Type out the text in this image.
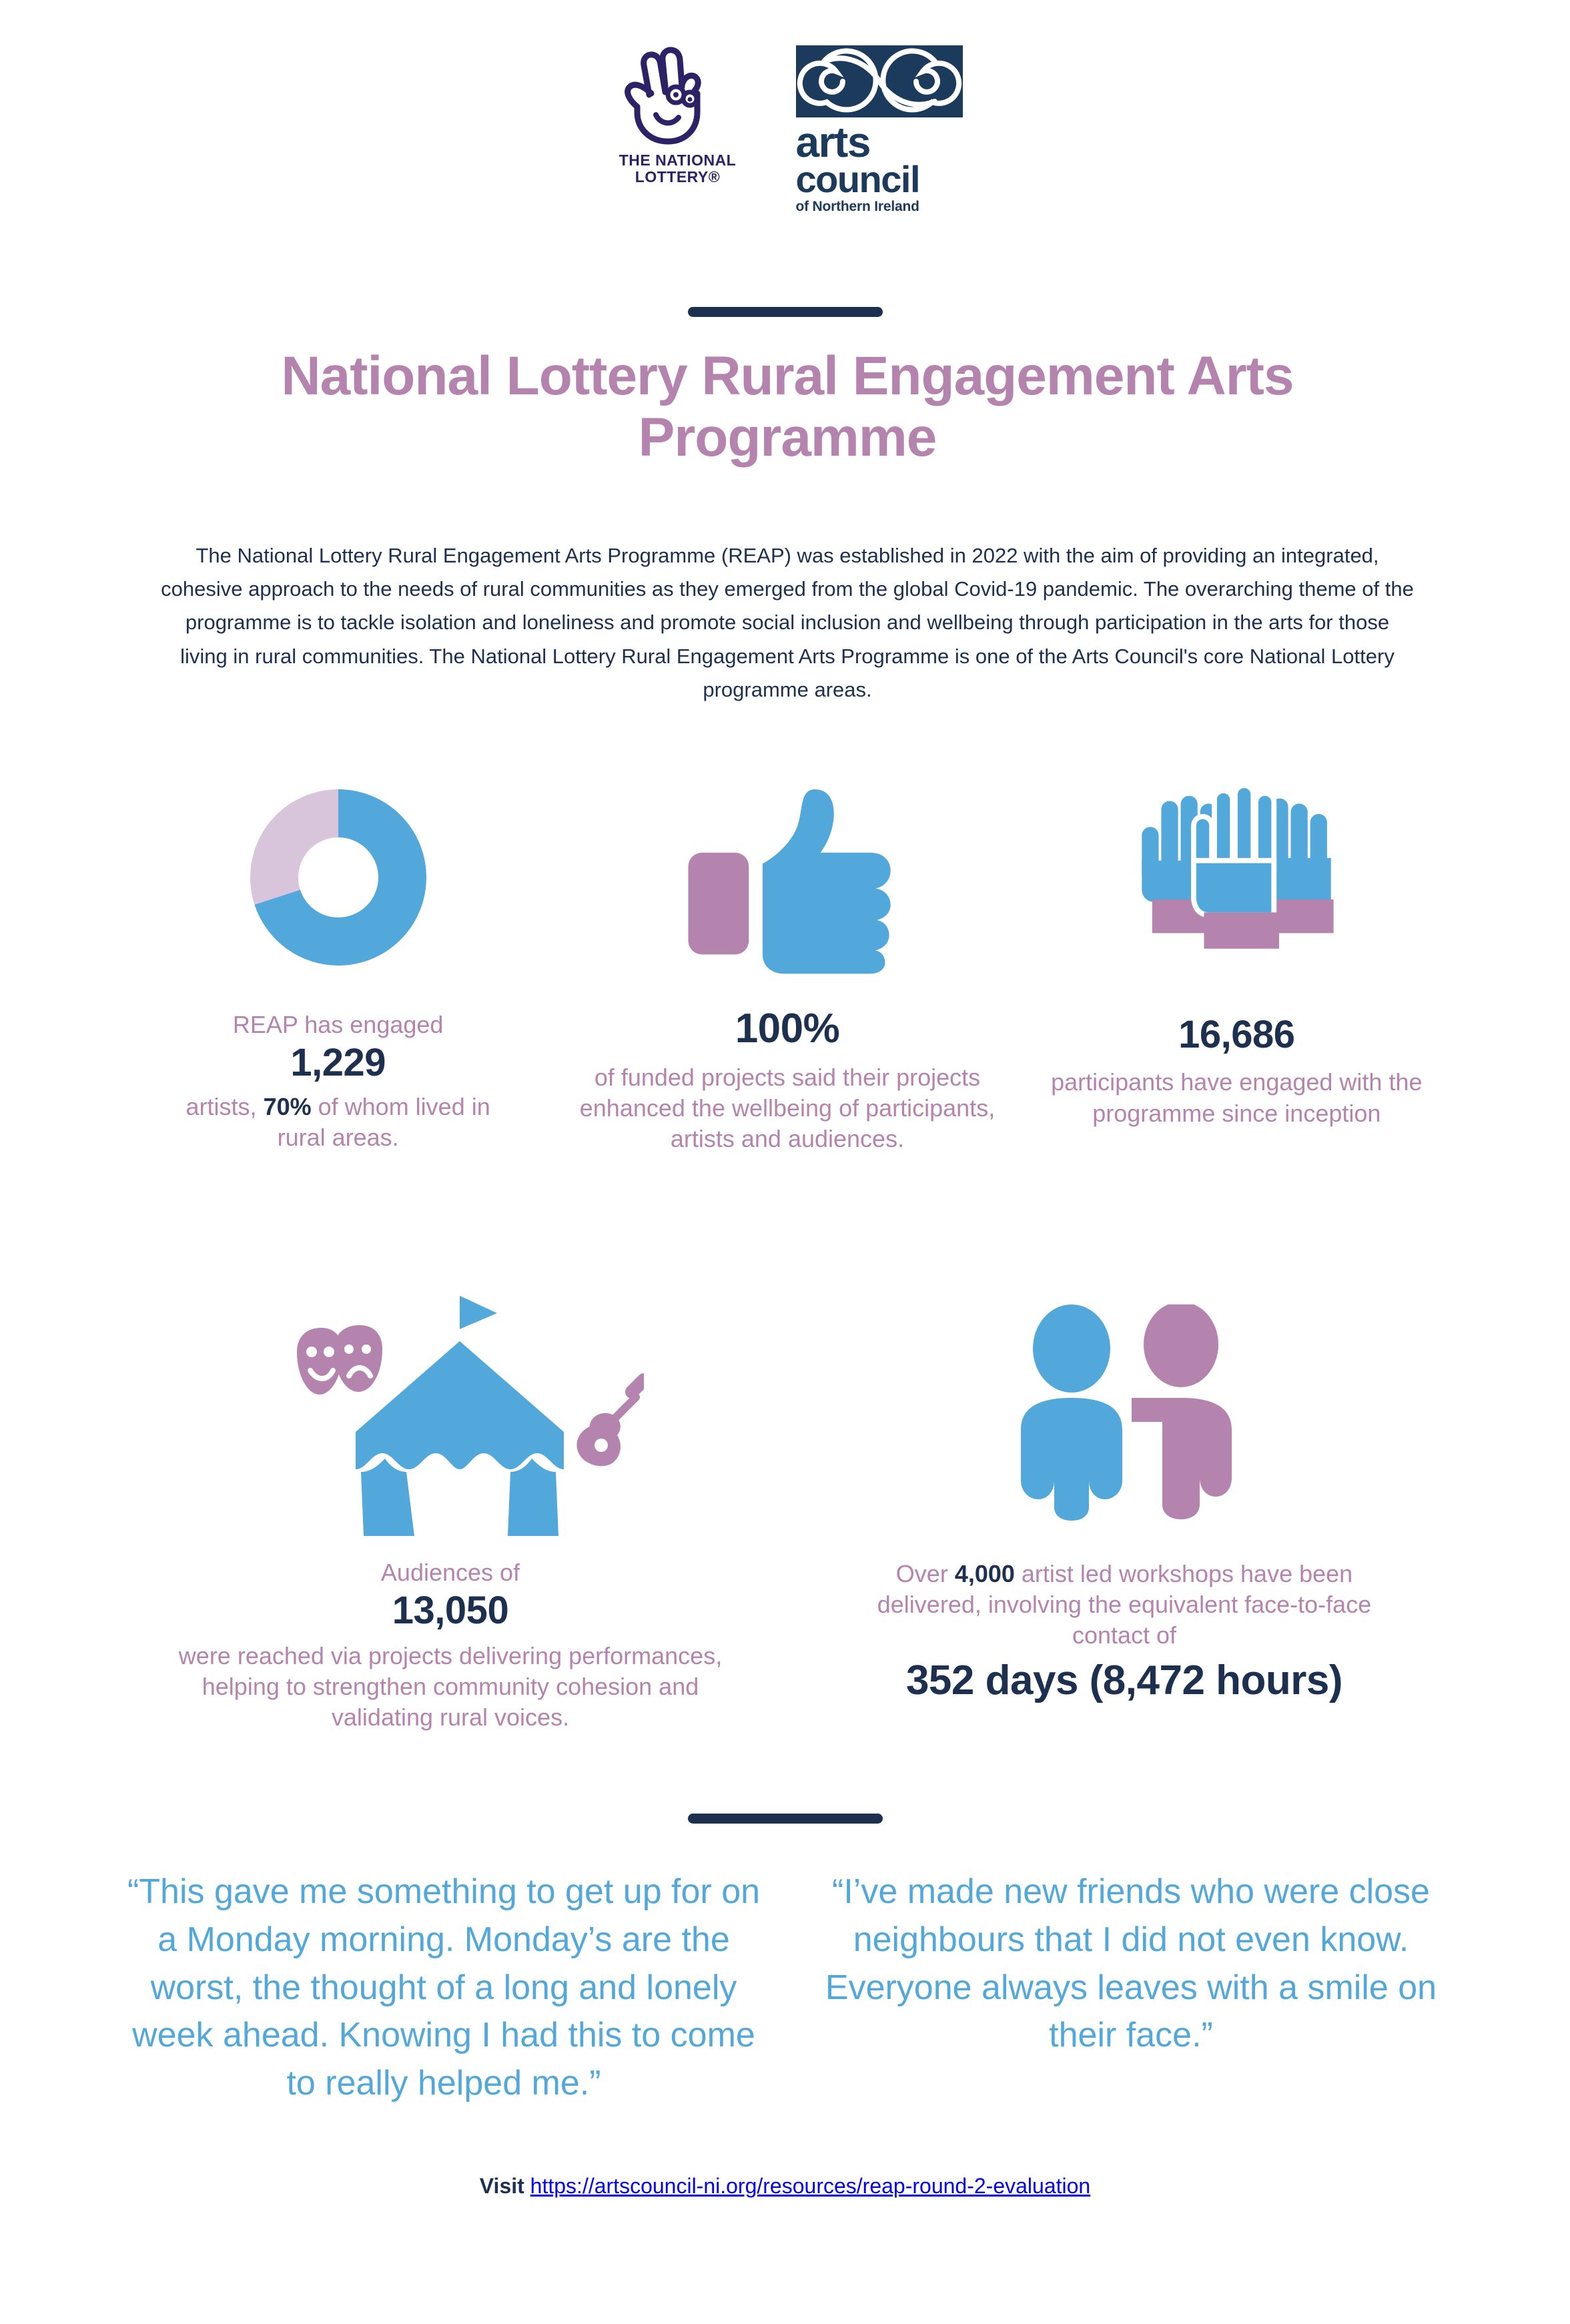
THE NATIONAL
LOTTERY®
arts
council
of Northern Ireland
National Lottery Rural Engagement Arts Programme

The National Lottery Rural Engagement Arts Programme (REAP) was established in 2022 with the aim of providing an integrated, cohesive approach to the needs of rural communities as they emerged from the global Covid-19 pandemic. The overarching theme of the programme is to tackle isolation and loneliness and promote social inclusion and wellbeing through participation in the arts for those living in rural communities. The National Lottery Rural Engagement Arts Programme is one of the Arts Council's core National Lottery programme areas.

REAP has engaged
1,229
artists, 70% of whom lived in rural areas.
100%
of funded projects said their projects enhanced the wellbeing of participants, artists and audiences.
16,686
participants have engaged with the programme since inception
Audiences of
13,050
were reached via projects delivering performances, helping to strengthen community cohesion and validating rural voices.
Over 4,000 artist led workshops have been delivered, involving the equivalent face-to-face contact of
352 days (8,472 hours)
“This gave me something to get up for on a Monday morning. Monday’s are the worst, the thought of a long and lonely week ahead. Knowing I had this to come to really helped me.”
“I’ve made new friends who were close neighbours that I did not even know. Everyone always leaves with a smile on their face.”
Visit https://artscouncil-ni.org/resources/reap-round-2-evaluation
